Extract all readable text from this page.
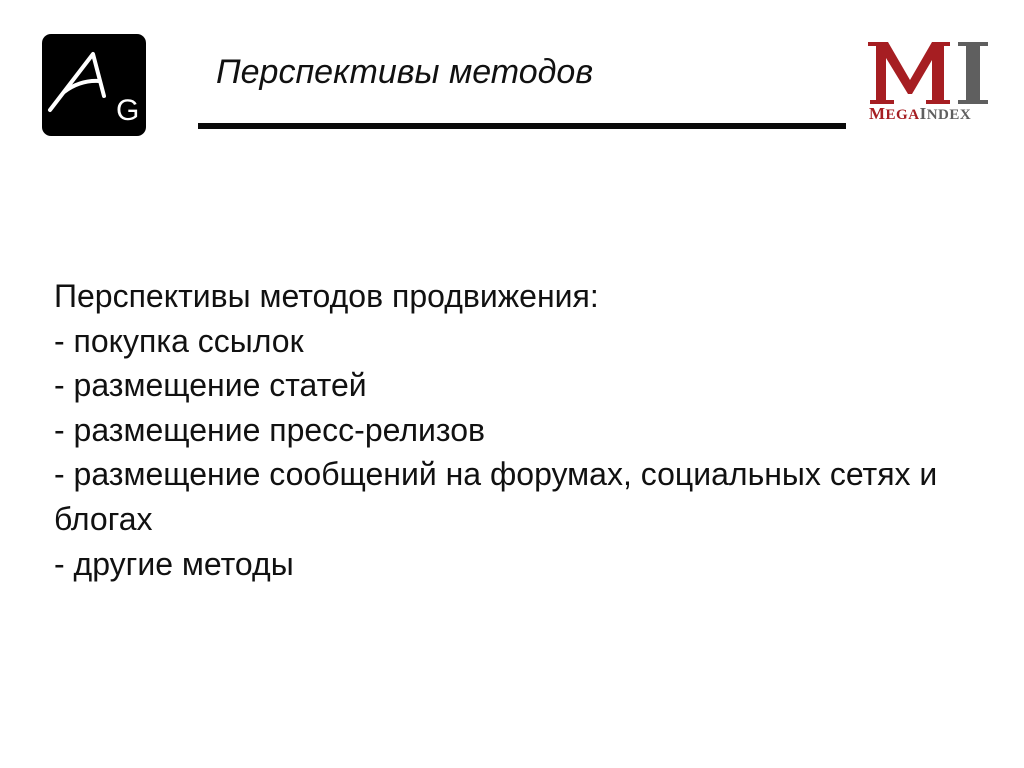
G
Перспективы методов
MEGAINDEX

Перспективы методов продвижения:

- покупка ссылок

- размещение статей

- размещение пресс-релизов

- размещение сообщений на форумах, социальных сетях и блогах

- другие методы
